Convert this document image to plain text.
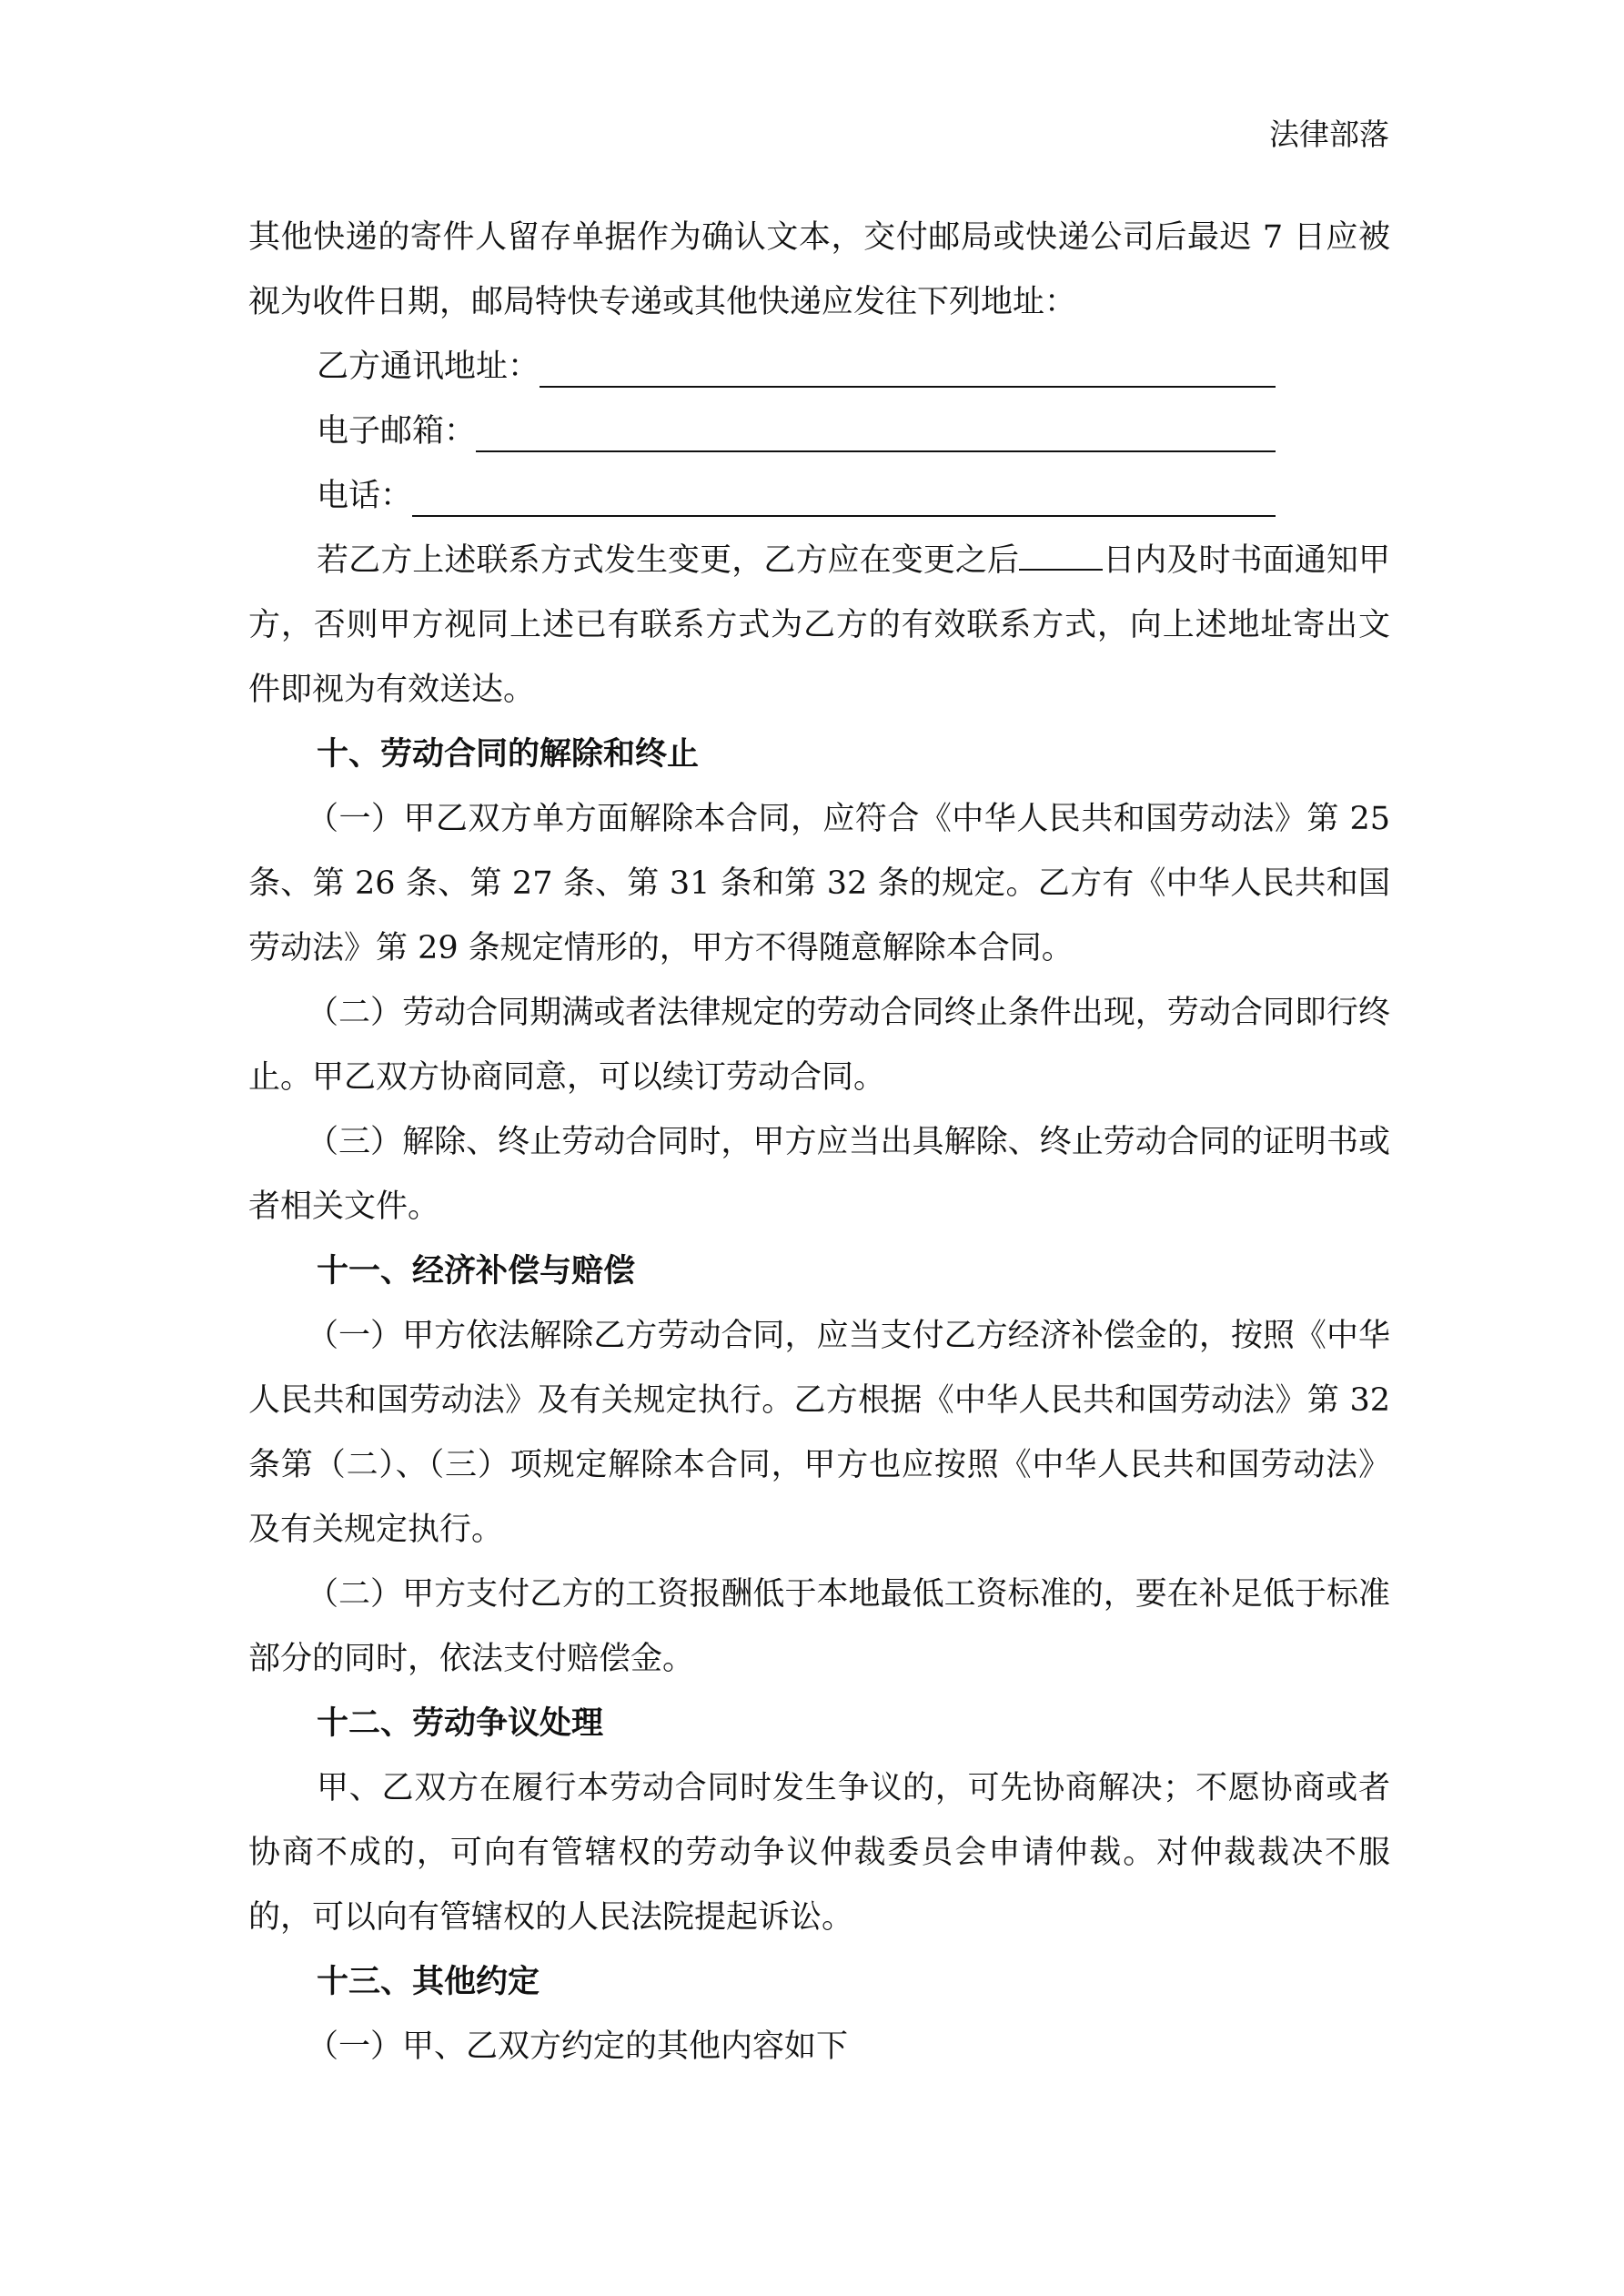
法律部落

其他快递的寄件人留存单据作为确认文本，交付邮局或快递公司后最迟 7 日应被视为收件日期，邮局特快专递或其他快递应发往下列地址：

乙方通讯地址：
电子邮箱：
电话：

若乙方上述联系方式发生变更，乙方应在变更之后	日内及时书面通知甲方，否则甲方视同上述已有联系方式为乙方的有效联系方式，向上述地址寄出文件即视为有效送达。

十、劳动合同的解除和终止

（一）甲乙双方单方面解除本合同，应符合《中华人民共和国劳动法》第 25 条、第 26 条、第 27 条、第 31 条和第 32 条的规定。乙方有《中华人民共和国劳动法》第 29 条规定情形的，甲方不得随意解除本合同。

（二）劳动合同期满或者法律规定的劳动合同终止条件出现，劳动合同即行终止。甲乙双方协商同意，可以续订劳动合同。

（三）解除、终止劳动合同时，甲方应当出具解除、终止劳动合同的证明书或者相关文件。

十一、经济补偿与赔偿

（一）甲方依法解除乙方劳动合同，应当支付乙方经济补偿金的，按照《中华人民共和国劳动法》及有关规定执行。乙方根据《中华人民共和国劳动法》第 32 条第（二）、（三）项规定解除本合同，甲方也应按照《中华人民共和国劳动法》及有关规定执行。

（二）甲方支付乙方的工资报酬低于本地最低工资标准的，要在补足低于标准部分的同时，依法支付赔偿金。

十二、劳动争议处理

甲、乙双方在履行本劳动合同时发生争议的，可先协商解决；不愿协商或者协商不成的，可向有管辖权的劳动争议仲裁委员会申请仲裁。对仲裁裁决不服的，可以向有管辖权的人民法院提起诉讼。

十三、其他约定

（一）甲、乙双方约定的其他内容如下
